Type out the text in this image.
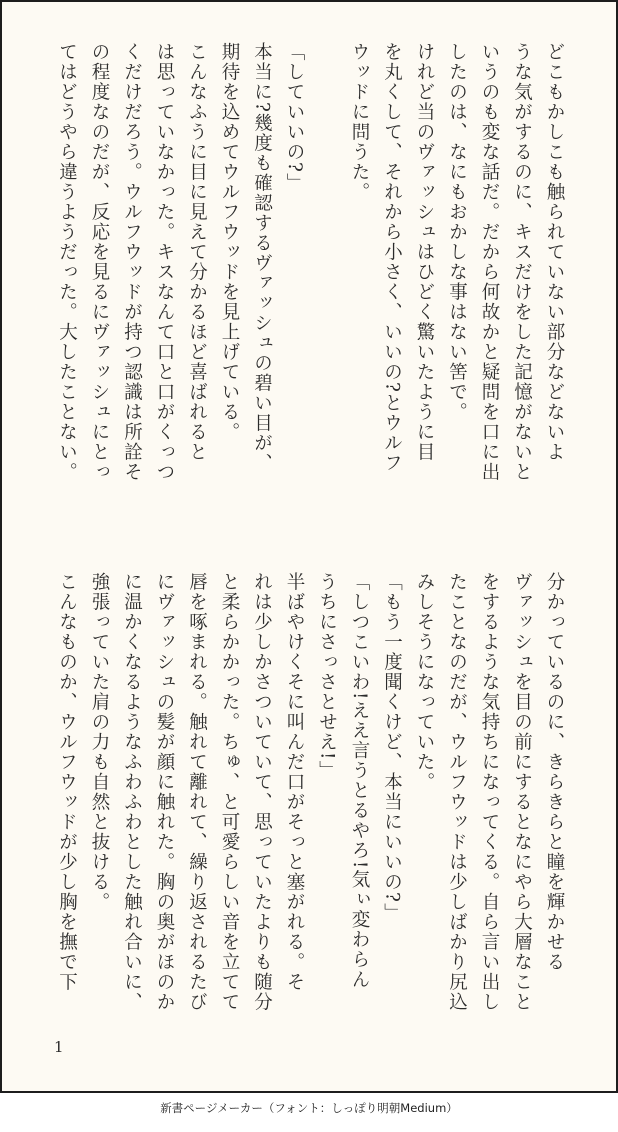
どこもかしこも触られていない部分などないよ

うな気がするのに、キスだけをした記憶がないと

いうのも変な話だ。だから何故かと疑問を口に出

したのは、なにもおかしな事はない筈で。

けれど当のヴァッシュはひどく驚いたように目

を丸くして、それから小さく、いいの?とウルフ

ウッドに問うた。

「していいの?」

本当に?幾度も確認するヴァッシュの碧い目が、

期待を込めてウルフウッドを見上げている。

こんなふうに目に見えて分かるほど喜ばれると

は思っていなかった。キスなんて口と口がくっつ

くだけだろう。ウルフウッドが持つ認識は所詮そ

の程度なのだが、反応を見るにヴァッシュにとっ

てはどうやら違うようだった。大したことない。

分かっているのに、きらきらと瞳を輝かせる

ヴァッシュを目の前にするとなにやら大層なこと

をするような気持ちになってくる。自ら言い出し

たことなのだが、ウルフウッドは少しばかり尻込

みしそうになっていた。

「もう一度聞くけど、本当にいいの?」

「しつこいわ!ええ言うとるやろ!気ぃ変わらん

うちにさっさとせえ!」

半ばやけくそに叫んだ口がそっと塞がれる。そ

れは少しかさついていて、思っていたよりも随分

と柔らかかった。ちゅ、と可愛らしい音を立てて

唇を啄まれる。触れて離れて、繰り返されるたび

にヴァッシュの髪が顔に触れた。胸の奥がほのか

に温かくなるようなふわふわとした触れ合いに、

強張っていた肩の力も自然と抜ける。

こんなものか、ウルフウッドが少し胸を撫で下

1
新書ページメーカー（フォント：しっぽり明朝Medium）
